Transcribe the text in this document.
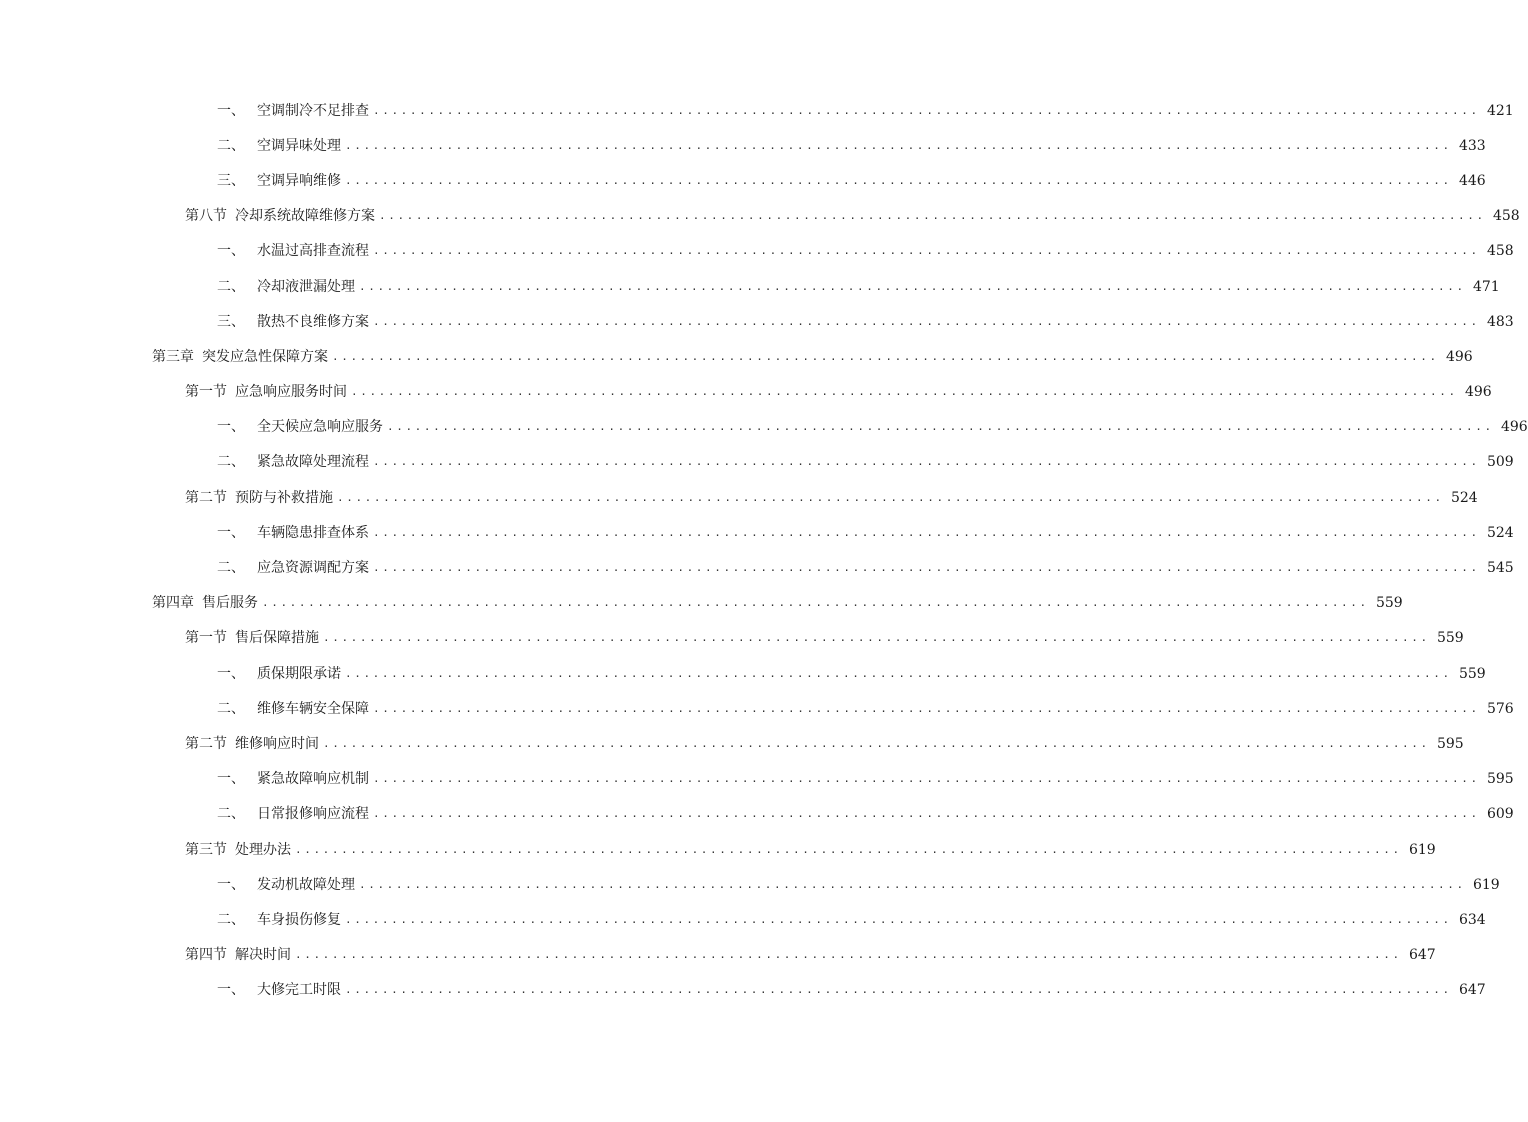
一、 空调制冷不足排查 ........................................................................................................................ 421
二、 空调异味处理 ........................................................................................................................ 433
三、 空调异响维修 ........................................................................................................................ 446
第八节 冷却系统故障维修方案 ........................................................................................................................ 458
一、 水温过高排查流程 ........................................................................................................................ 458
二、 冷却液泄漏处理 ........................................................................................................................ 471
三、 散热不良维修方案 ........................................................................................................................ 483
第三章 突发应急性保障方案 ........................................................................................................................ 496
第一节 应急响应服务时间 ........................................................................................................................ 496
一、 全天候应急响应服务 ........................................................................................................................ 496
二、 紧急故障处理流程 ........................................................................................................................ 509
第二节 预防与补救措施 ........................................................................................................................ 524
一、 车辆隐患排查体系 ........................................................................................................................ 524
二、 应急资源调配方案 ........................................................................................................................ 545
第四章 售后服务 ........................................................................................................................ 559
第一节 售后保障措施 ........................................................................................................................ 559
一、 质保期限承诺 ........................................................................................................................ 559
二、 维修车辆安全保障 ........................................................................................................................ 576
第二节 维修响应时间 ........................................................................................................................ 595
一、 紧急故障响应机制 ........................................................................................................................ 595
二、 日常报修响应流程 ........................................................................................................................ 609
第三节 处理办法 ........................................................................................................................ 619
一、 发动机故障处理 ........................................................................................................................ 619
二、 车身损伤修复 ........................................................................................................................ 634
第四节 解决时间 ........................................................................................................................ 647
一、 大修完工时限 ........................................................................................................................ 647
